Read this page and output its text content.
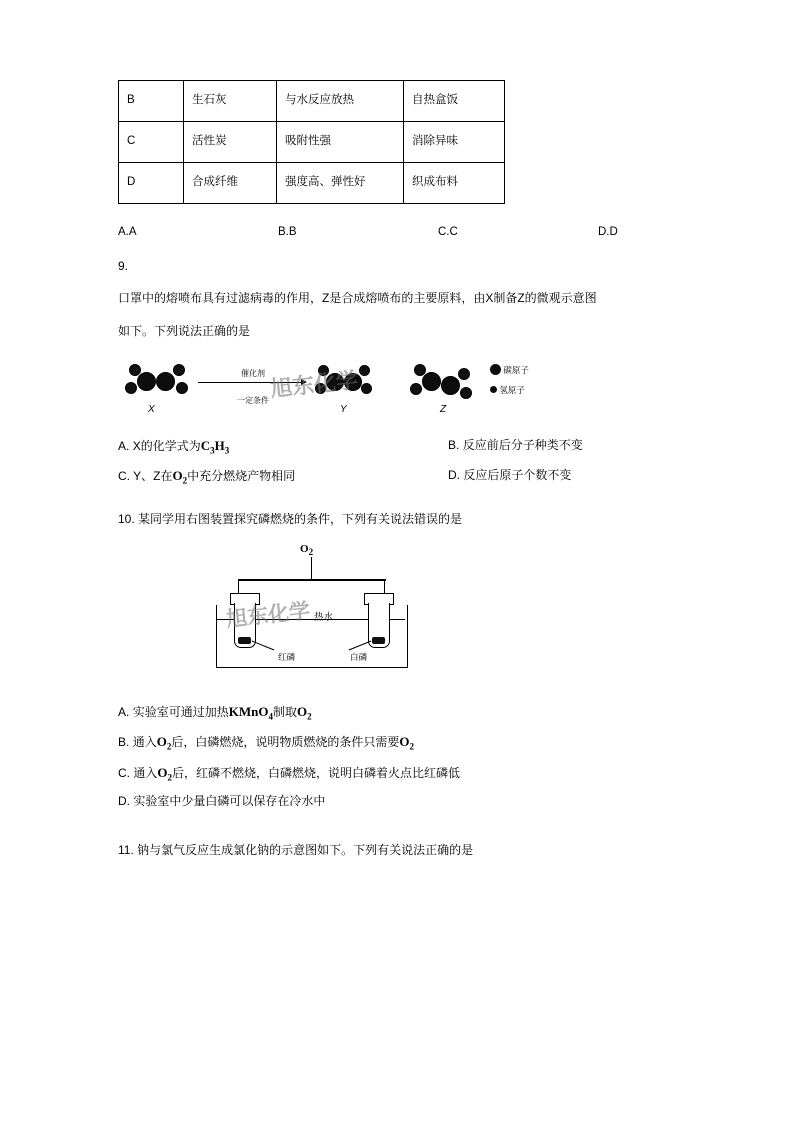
B	生石灰	与水反应放热	自热盒饭
C	活性炭	吸附性强	消除异味
D	合成纤维	强度高、弹性好	织成布料
A.A	B.B	C.C	D.D
9.
口罩中的熔喷布具有过滤病毒的作用，Z是合成熔喷布的主要原料，由X制备Z的微观示意图
如下。下列说法正确的是
X
催化剂
一定条件
Y	Z
旭东化学	碳原子
氢原子
A. X的化学式为$C_3H_3$	B. 反应前后分子种类不变
C. Y、Z在$O_2$中充分燃烧产物相同	D. 反应后原子个数不变
10. 某同学用右图装置探究磷燃烧的条件，下列有关说法错误的是
$O_2$
红磷	白磷
热水
旭东化学
A. 实验室可通过加热KMnO$_4$制取$O_2$
B. 通入$O_2$后，白磷燃烧，说明物质燃烧的条件只需要$O_2$
C. 通入$O_2$后，红磷不燃烧，白磷燃烧，说明白磷着火点比红磷低
D. 实验室中少量白磷可以保存在冷水中
11. 钠与氯气反应生成氯化钠的示意图如下。下列有关说法正确的是
